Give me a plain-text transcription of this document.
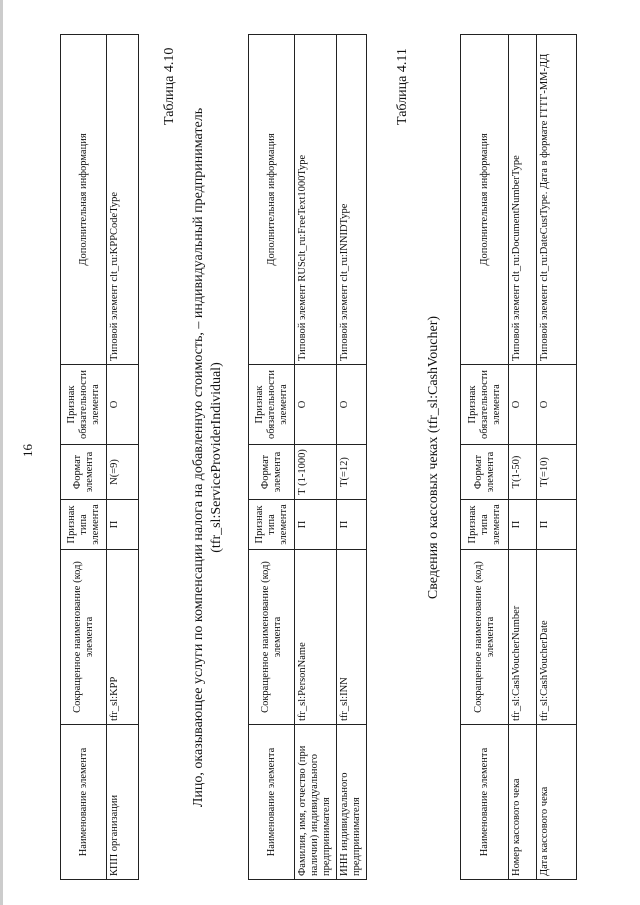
16
Наименование элемента	Сокращенное наименование (код) элемента	Признак типа элемента	Формат элемента	Признак обязательности элемента	Дополнительная информация
КПП организации	tfr_sl:KPP	П	N(=9)	О	Типовой элемент clt_ru:KPPCodeType
Таблица 4.10
Лицо, оказывающее услуги по компенсации налога на добавленную стоимость, – индивидуальный предприниматель (tfr_sl:ServiceProviderIndividual)
Наименование элемента	Сокращенное наименование (код) элемента	Признак типа элемента	Формат элемента	Признак обязательности элемента	Дополнительная информация
Фамилия, имя, отчество (при наличии) индивидуального предпринимателя	tfr_sl:PersonName	П	Т (1-1000)	О	Типовой элемент RUSclt_ru:FreeText1000Type
ИНН индивидуального предпринимателя	tfr_sl:INN	П	Т(=12)	О	Типовой элемент clt_ru:INNIDType
Таблица 4.11
Сведения о кассовых чеках (tfr_sl:CashVoucher)
Наименование элемента	Сокращенное наименование (код) элемента	Признак типа элемента	Формат элемента	Признак обязательности элемента	Дополнительная информация
Номер кассового чека	tfr_sl:CashVoucherNumber	П	Т(1-50)	О	Типовой элемент clt_ru:DocumentNumberType
Дата кассового чека	tfr_sl:CashVoucherDate	П	Т(=10)	О	Типовой элемент clt_ru:DateCustType. Дата в формате ГГГГ-ММ-ДД
